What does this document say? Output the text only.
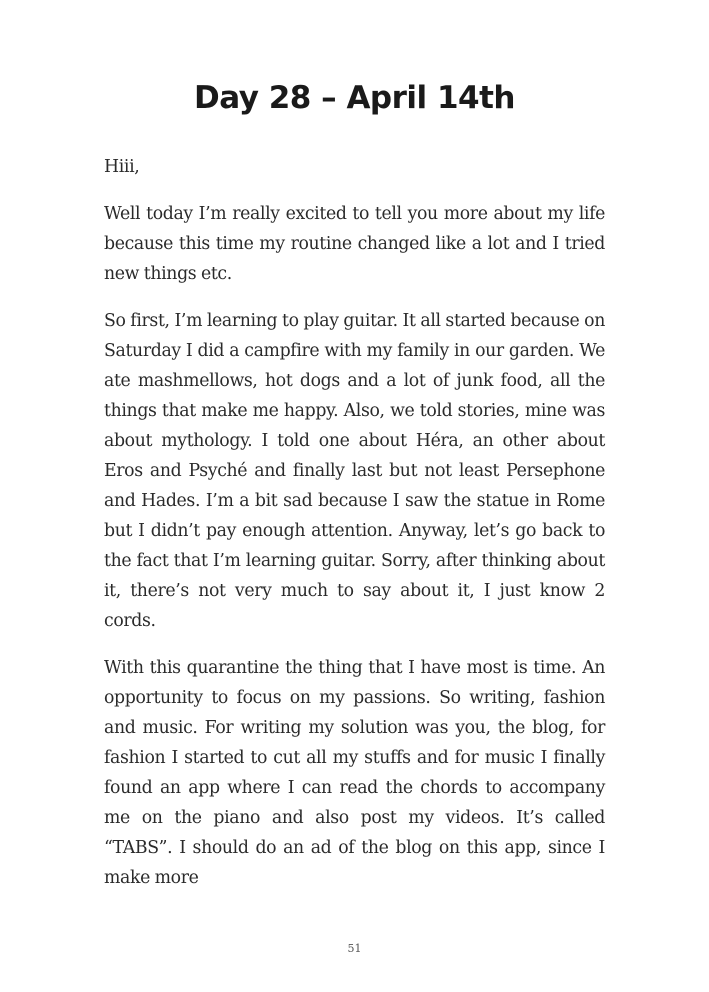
Day 28 – April 14th

Hiii,

Well today I’m really excited to tell you more about my life because this time my routine changed like a lot and I tried new things etc.

So first, I’m learning to play guitar. It all started because on Saturday I did a campfire with my family in our garden. We ate mashmellows, hot dogs and a lot of junk food, all the things that make me happy. Also, we told stories, mine was about mythology. I told one about Héra, an other about Eros and Psyché and finally last but not least Persephone and Hades. I’m a bit sad because I saw the statue in Rome but I didn’t pay enough attention. Anyway, let’s go back to the fact that I’m learning guitar. Sorry, after thinking about it, there’s not very much to say about it, I just know 2 cords.

With this quarantine the thing that I have most is time. An opportunity to focus on my passions. So writing, fashion and music. For writing my solution was you, the blog, for fashion I started to cut all my stuffs and for music I finally found an app where I can read the chords to accompany me on the piano and also post my videos. It’s called “TABS”. I should do an ad of the blog on this app, since I make more

51
